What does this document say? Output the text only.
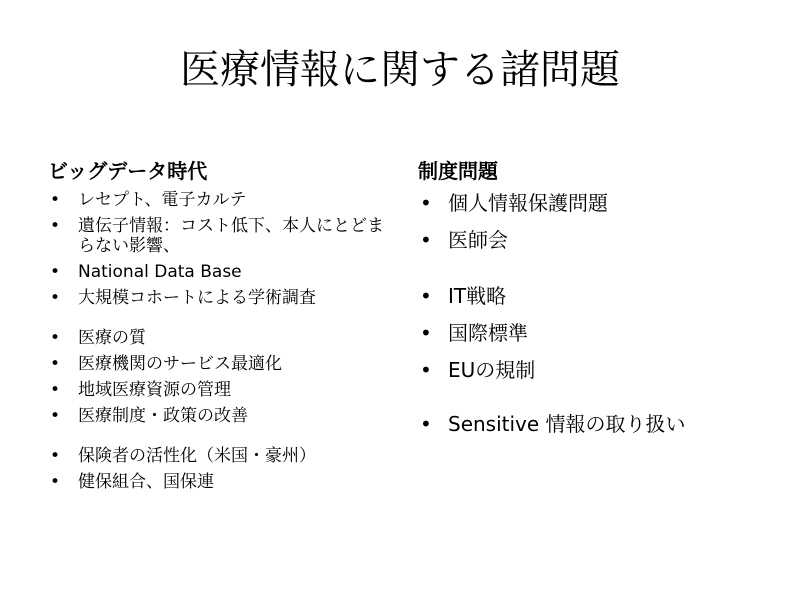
医療情報に関する諸問題
ビッグデータ時代
• レセプト、電子カルテ
• 遺伝子情報：コスト低下、本人にとどまらない影響、
• National Data Base
• 大規模コホートによる学術調査
• 医療の質
• 医療機関のサービス最適化
• 地域医療資源の管理
• 医療制度・政策の改善
• 保険者の活性化（米国・豪州）
• 健保組合、国保連
制度問題
• 個人情報保護問題
• 医師会
• IT戦略
• 国際標準
• EUの規制
• Sensitive 情報の取り扱い
